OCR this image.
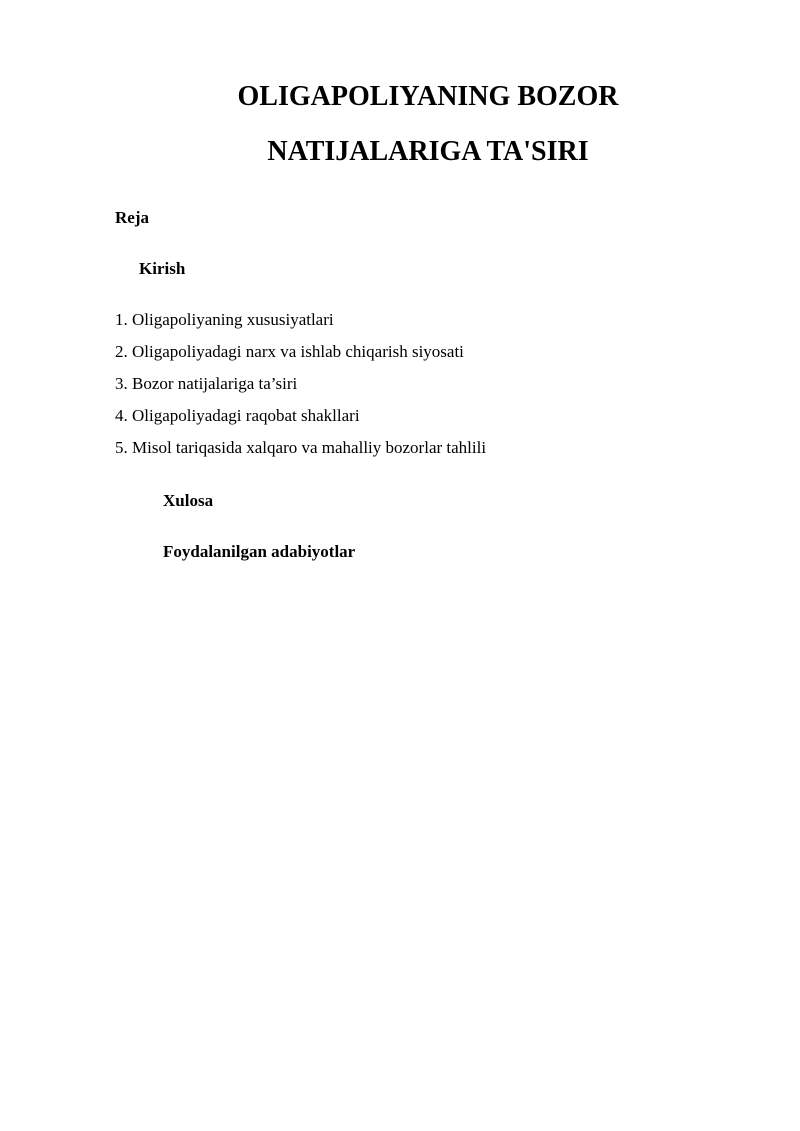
OLIGAPOLIYANING BOZOR
NATIJALARIGA TA'SIRI
Reja
Kirish
1. Oligapoliyaning xususiyatlari
2. Oligapoliyadagi narx va ishlab chiqarish siyosati
3. Bozor natijalariga ta’siri
4. Oligapoliyadagi raqobat shakllari
5. Misol tariqasida xalqaro va mahalliy bozorlar tahlili
Xulosa
Foydalanilgan adabiyotlar
